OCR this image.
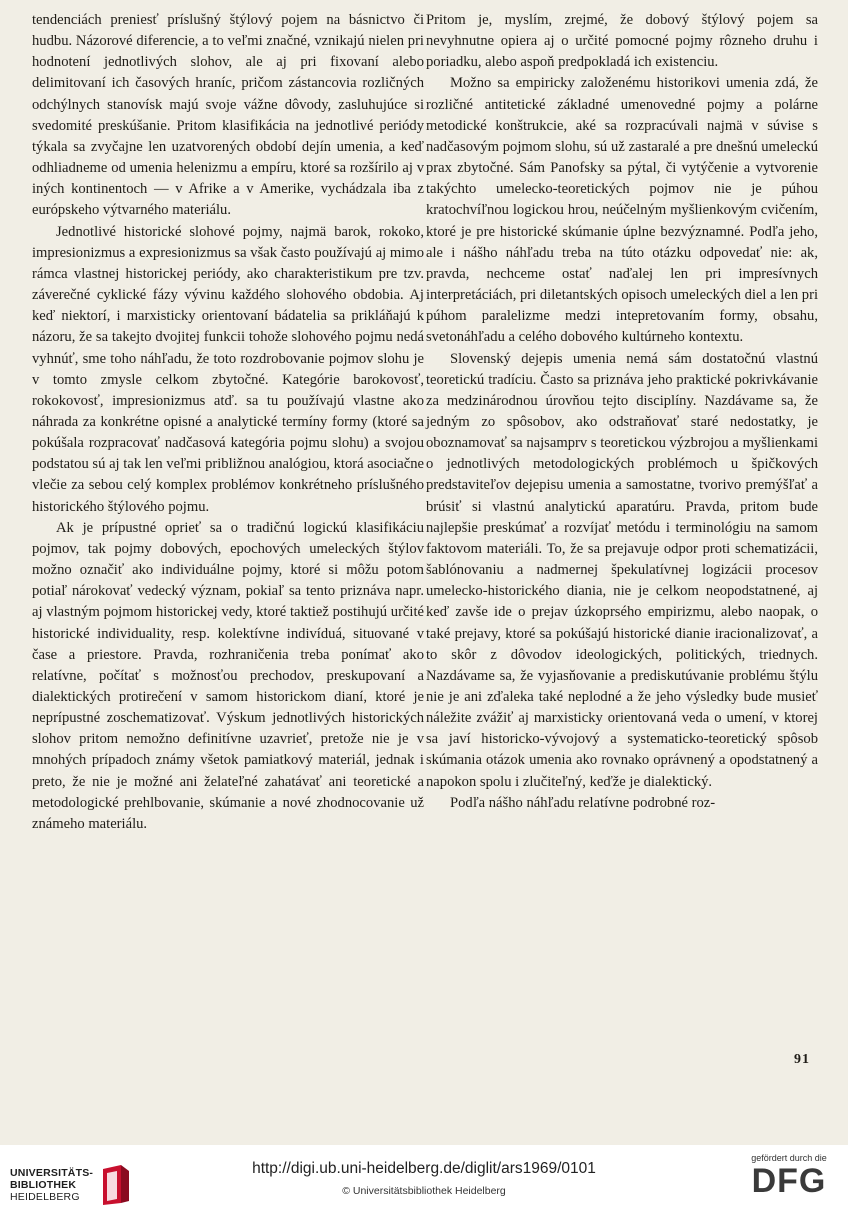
tendenciách preniesť príslušný štýlový pojem na básnictvo či hudbu. Názorové diferencie, a to veľmi značné, vznikajú nielen pri hodnotení jednotlivých slohov, ale aj pri fixovaní alebo delimitovaní ich časových hraníc, pričom zástancovia rozličných odchýlnych stanovísk majú svoje vážne dôvody, zasluhujúce si svedomité preskúšanie. Pritom klasifikácia na jednotlivé periódy týkala sa zvyčajne len uzatvorených období dejín umenia, a keď odhliadneme od umenia helenizmu a empíru, ktoré sa rozšírilo aj v iných kontinentoch — v Afrike a v Amerike, vychádzala iba z európskeho výtvarného materiálu.

Jednotlivé historické slohové pojmy, najmä barok, rokoko, impresionizmus a expresionizmus sa však často používajú aj mimo rámca vlastnej historickej periódy, ako charakteristikum pre tzv. záverečné cyklické fázy vývinu každého slohového obdobia. Aj keď niektorí, i marxisticky orientovaní bádatelia sa prikláňajú k názoru, že sa takejto dvojitej funkcii tohože slohového pojmu nedá vyhnúť, sme toho náhľadu, že toto rozdrobovanie pojmov slohu je v tomto zmysle celkom zbytočné. Kategórie barokovosť, rokokovosť, impresionizmus atď. sa tu používajú vlastne ako náhrada za konkrétne opisné a analytické termíny formy (ktoré sa pokúšala rozpracovať nadčasová kategória pojmu slohu) a svojou podstatou sú aj tak len veľmi približnou analógiou, ktorá asociačne vlečie za sebou celý komplex problémov konkrétneho príslušného historického štýlového pojmu.

Ak je prípustné oprieť sa o tradičnú logickú klasifikáciu pojmov, tak pojmy dobových, epochových umeleckých štýlov možno označiť ako individuálne pojmy, ktoré si môžu potom potiaľ nárokovať vedecký význam, pokiaľ sa tento priznáva napr. aj vlastným pojmom historickej vedy, ktoré taktiež postihujú určité historické individuality, resp. kolektívne indivíduá, situované v čase a priestore. Pravda, rozhraničenia treba ponímať ako relatívne, počítať s možnosťou prechodov, preskupovaní a dialektických protirečení v samom historickom dianí, ktoré je neprípustné zoschematizovať. Výskum jednotlivých historických slohov pritom nemožno definitívne uzavrieť, pretože nie je v mnohých prípadoch známy všetok pamiatkový materiál, jednak i preto, že nie je možné ani želateľné zahatávať ani teoretické a metodologické prehlbovanie, skúmanie a nové zhodnocovanie už známeho materiálu.

Pritom je, myslím, zrejmé, že dobový štýlový pojem sa nevyhnutne opiera aj o určité pomocné pojmy rôzneho druhu i poriadku, alebo aspoň predpokladá ich existenciu.

Možno sa empiricky založenému historikovi umenia zdá, že rozličné antitetické základné umenovedné pojmy a polárne metodické konštrukcie, aké sa rozpracúvali najmä v súvise s nadčasovým pojmom slohu, sú už zastaralé a pre dnešnú umeleckú prax zbytočné. Sám Panofsky sa pýtal, či vytýčenie a vytvorenie takýchto umelecko-teoretických pojmov nie je púhou kratochvíľnou logickou hrou, neúčelným myšlienkovým cvičením, ktoré je pre historické skúmanie úplne bezvýznamné. Podľa jeho, ale i nášho náhľadu treba na túto otázku odpovedať nie: ak, pravda, nechceme ostať naďalej len pri impresívnych interpretáciách, pri diletantských opisoch umeleckých diel a len pri púhom paralelizme medzi intepretovaním formy, obsahu, svetonáhľadu a celého dobového kultúrneho kontextu.

Slovenský dejepis umenia nemá sám dostatočnú vlastnú teoretickú tradíciu. Často sa priznáva jeho praktické pokrivkávanie za medzinárodnou úrovňou tejto disciplíny. Nazdávame sa, že jedným zo spôsobov, ako odstraňovať staré nedostatky, je oboznamovať sa najsamprv s teoretickou výzbrojou a myšlienkami o jednotlivých metodologických problémoch u špičkových predstaviteľov dejepisu umenia a samostatne, tvorivo premýšľať a brúsiť si vlastnú analytickú aparatúru. Pravda, pritom bude najlepšie preskúmať a rozvíjať metódu i terminológiu na samom faktovom materiáli. To, že sa prejavuje odpor proti schematizácii, šablónovaniu a nadmernej špekulatívnej logizácii procesov umelecko-historického diania, nie je celkom neopodstatnené, aj keď zavše ide o prejav úzkoprsého empirizmu, alebo naopak, o také prejavy, ktoré sa pokúšajú historické dianie iracionalizovať, a to skôr z dôvodov ideologických, politických, triednych. Nazdávame sa, že vyjasňovanie a prediskutúvanie problému štýlu nie je ani zďaleka také neplodné a že jeho výsledky bude musieť náležite zvážiť aj marxisticky orientovaná veda o umení, v ktorej sa javí historicko-vývojový a systematicko-teoretický spôsob skúmania otázok umenia ako rovnako oprávnený a opodstatnený a napokon spolu i zlučiteľný, keďže je dialektický.

Podľa nášho náhľadu relatívne podrobné roz-

91
UNIVERSITÄTS-
BIBLIOTHEK
HEIDELBERG
http://digi.ub.uni-heidelberg.de/diglit/ars1969/0101
© Universitätsbibliothek Heidelberg
gefördert durch die
DFG
